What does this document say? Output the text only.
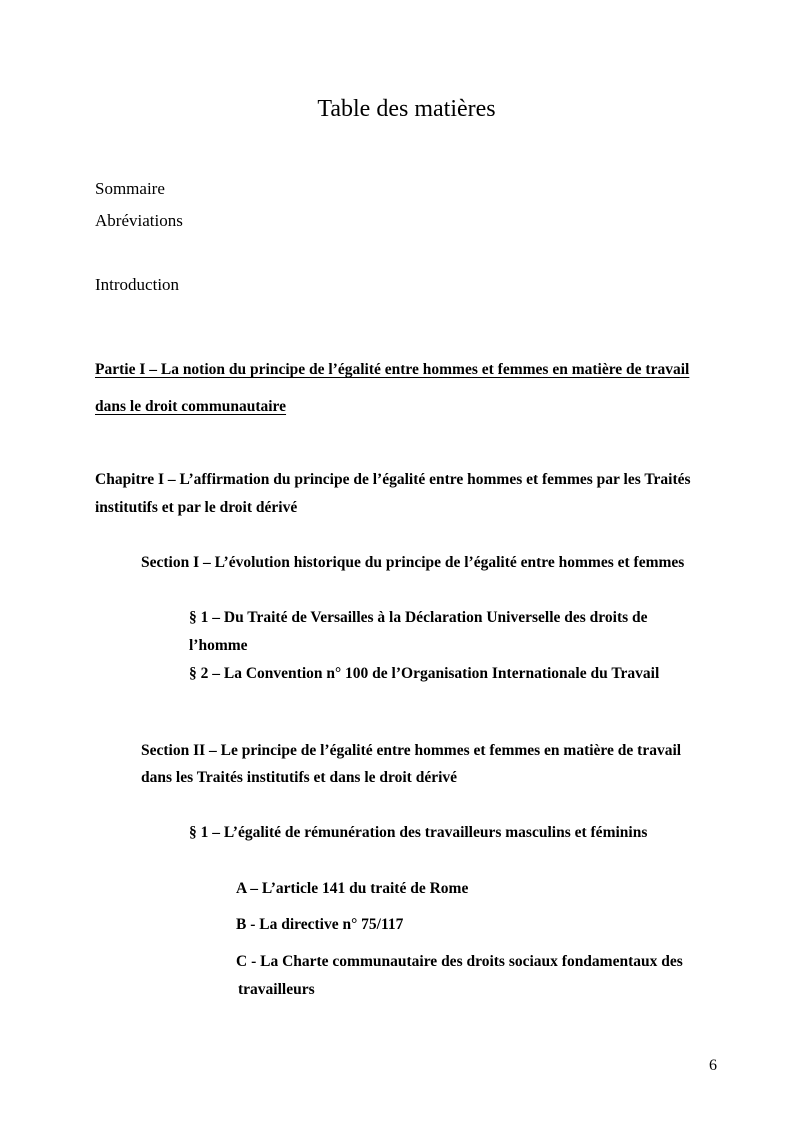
Table des matières
Sommaire
Abréviations
Introduction
Partie I – La notion du principe de l’égalité entre hommes et femmes en matière de travail
dans le droit communautaire
Chapitre I – L’affirmation du principe de l’égalité entre hommes et femmes par les Traités
institutifs et par le droit dérivé
Section I – L’évolution historique du principe de l’égalité entre hommes et femmes
§ 1 – Du Traité de Versailles à la Déclaration Universelle des droits de
l’homme
§ 2 – La Convention n° 100 de l’Organisation Internationale du Travail
Section II – Le principe de l’égalité entre hommes et femmes en matière de travail
dans les Traités institutifs et dans le droit dérivé
§ 1 – L’égalité de rémunération des travailleurs masculins et féminins
A – L’article 141 du traité de Rome
B - La directive n° 75/117
C - La Charte communautaire des droits sociaux fondamentaux des
travailleurs
6
